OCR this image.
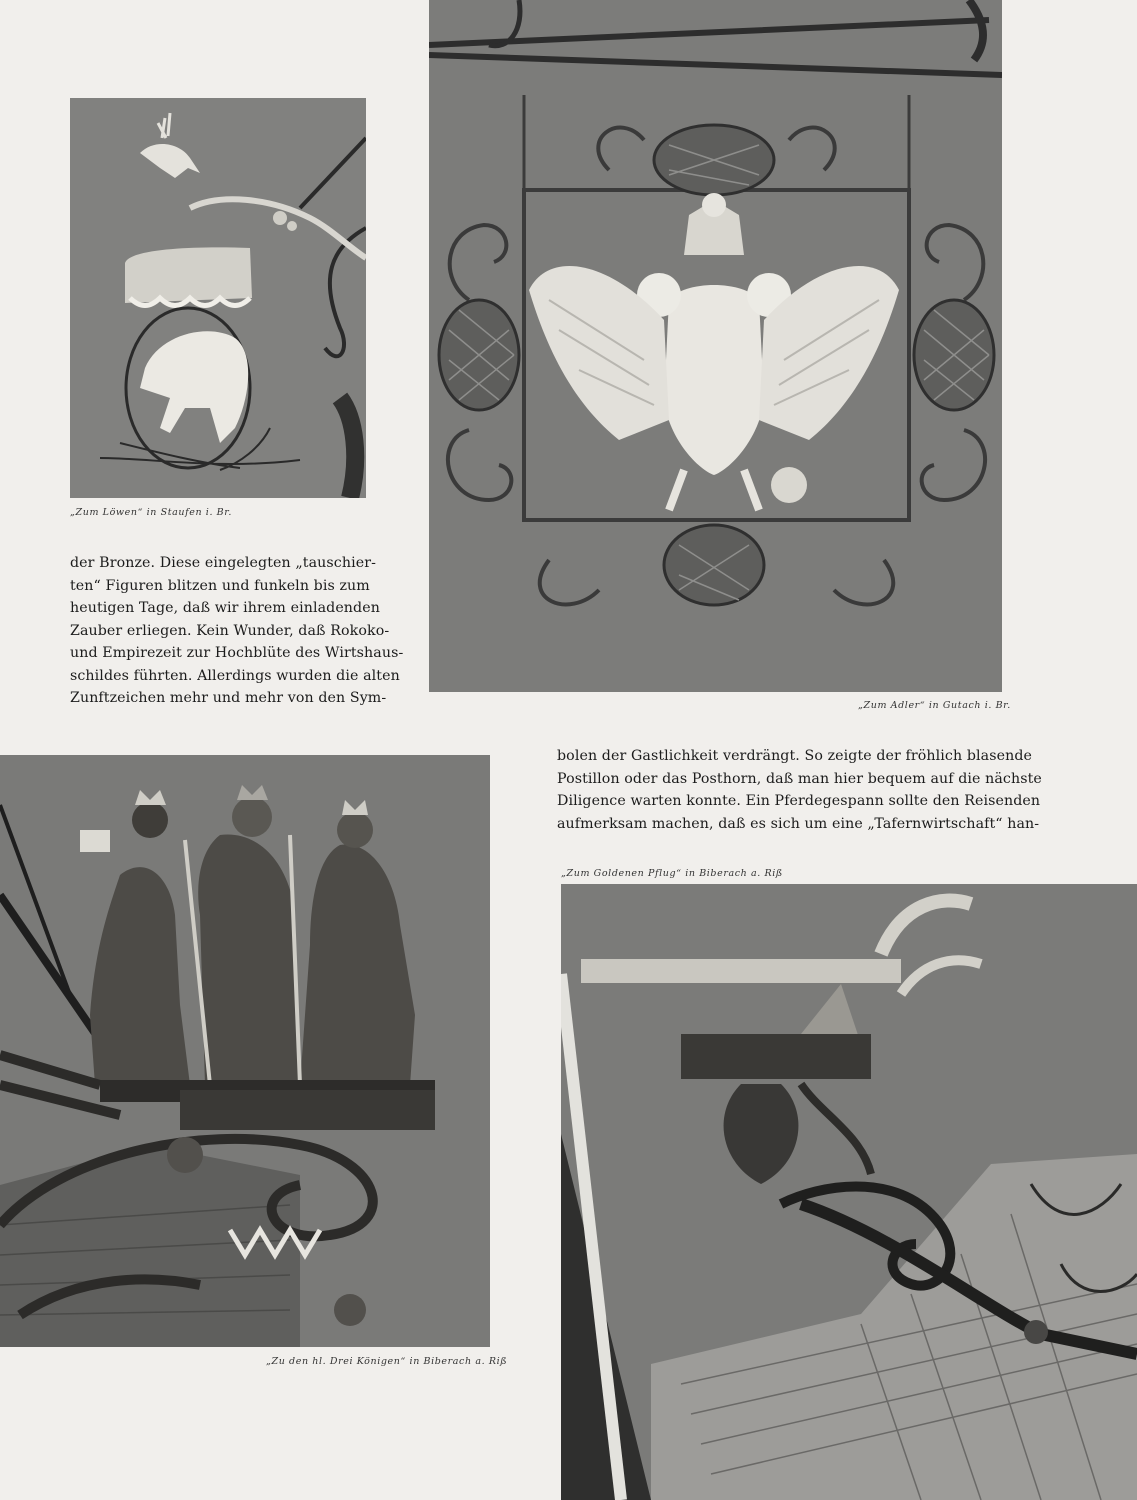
„Zum Löwen“ in Staufen i. Br.
„Zum Adler“ in Gutach i. Br.
der Bronze. Diese eingelegten „tauschier-
ten“ Figuren blitzen und funkeln bis zum
heutigen Tage, daß wir ihrem einladenden
Zauber erliegen. Kein Wunder, daß Rokoko-
und Empirezeit zur Hochblüte des Wirtshaus-
schildes führten. Allerdings wurden die alten
Zunftzeichen mehr und mehr von den Sym-
bolen der Gastlichkeit verdrängt. So zeigte der fröhlich blasende
Postillon oder das Posthorn, daß man hier bequem auf die nächste
Diligence warten konnte. Ein Pferdegespann sollte den Reisenden
aufmerksam machen, daß es sich um eine „Tafernwirtschaft“ han-
„Zu den hl. Drei Königen“ in Biberach a. Riß
„Zum Goldenen Pflug“ in Biberach a. Riß
